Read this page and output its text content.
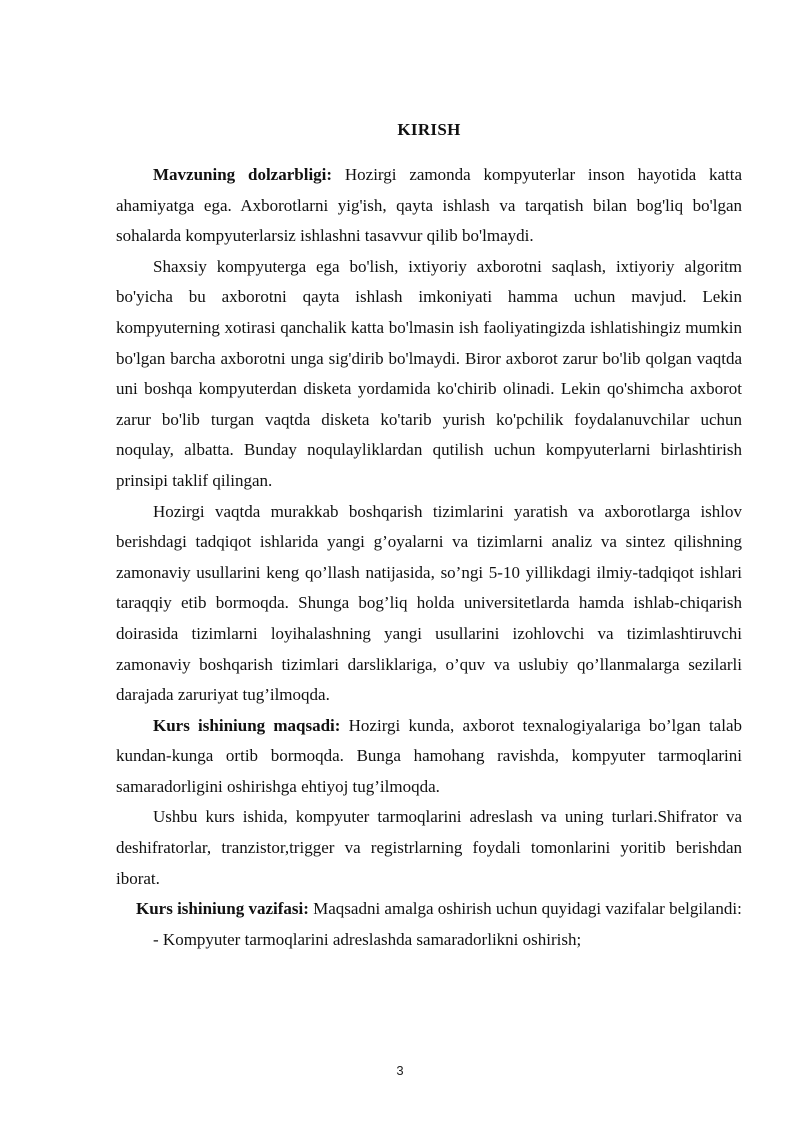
KIRISH

Mavzuning dolzarbligi: Hozirgi zamonda kompyuterlar inson hayotida katta ahamiyatga ega. Axborotlarni yig'ish, qayta ishlash va tarqatish bilan bog'liq bo'lgan sohalarda kompyuterlarsiz ishlashni tasavvur qilib bo'lmaydi.

Shaxsiy kompyuterga ega bo'lish, ixtiyoriy axborotni saqlash, ixtiyoriy algoritm bo'yicha bu axborotni qayta ishlash imkoniyati hamma uchun mavjud. Lekin kompyuterning xotirasi qanchalik katta bo'lmasin ish faoliyatingizda ishlatishingiz mumkin bo'lgan barcha axborotni unga sig'dirib bo'lmaydi. Biror axborot zarur bo'lib qolgan vaqtda uni boshqa kompyuterdan disketa yordamida ko'chirib olinadi. Lekin qo'shimcha axborot zarur bo'lib turgan vaqtda disketa ko'tarib yurish ko'pchilik foydalanuvchilar uchun noqulay, albatta. Bunday noqulayliklardan qutilish uchun kompyuterlarni birlashtirish prinsipi taklif qilingan.

Hozirgi vaqtda murakkab boshqarish tizimlarini yaratish va axborotlarga ishlov berishdagi tadqiqot ishlarida yangi g’oyalarni va tizimlarni analiz va sintez qilishning zamonaviy usullarini keng qo’llash natijasida, so’ngi 5-10 yillikdagi ilmiy-tadqiqot ishlari taraqqiy etib bormoqda. Shunga bog’liq holda universitetlarda hamda ishlab-chiqarish doirasida tizimlarni loyihalashning yangi usullarini izohlovchi va tizimlashtiruvchi zamonaviy boshqarish tizimlari darsliklariga, o’quv va uslubiy qo’llanmalarga sezilarli darajada zaruriyat tug’ilmoqda.

Kurs ishiniung maqsadi: Hozirgi kunda, axborot texnalogiyalariga bo’lgan talab kundan-kunga ortib bormoqda. Bunga hamohang ravishda, kompyuter tarmoqlarini samaradorligini oshirishga ehtiyoj tug’ilmoqda.

Ushbu kurs ishida, kompyuter tarmoqlarini adreslash va uning turlari.Shifrator va deshifratorlar, tranzistor,trigger va registrlarning foydali tomonlarini yoritib berishdan iborat.

Kurs ishiniung vazifasi: Maqsadni amalga oshirish uchun quyidagi vazifalar belgilandi:

- Kompyuter tarmoqlarini adreslashda samaradorlikni oshirish;

3
